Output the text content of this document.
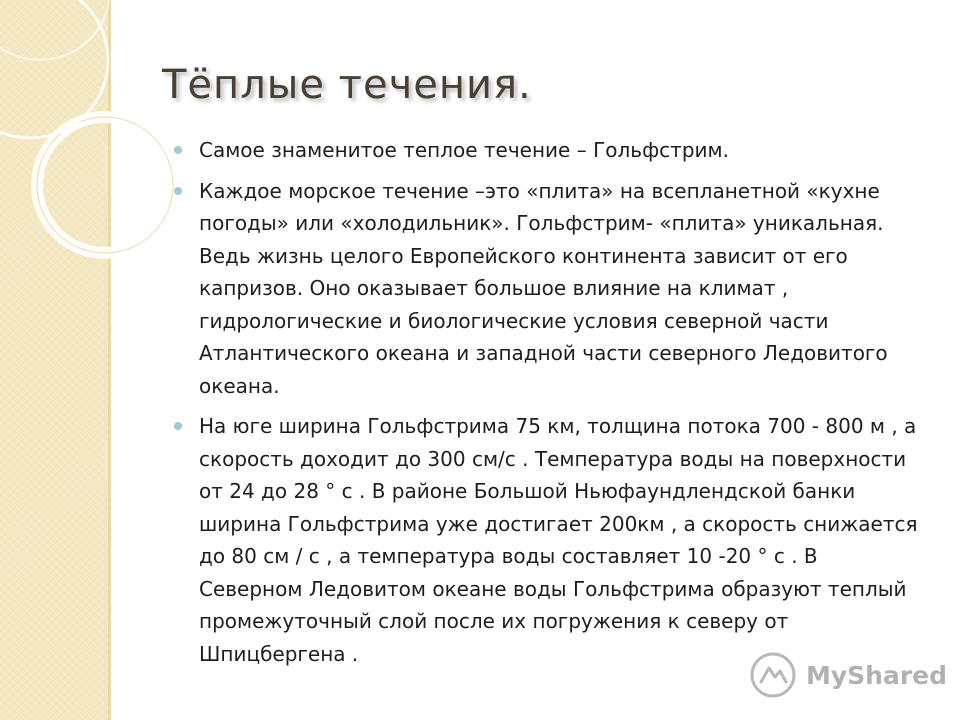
Тёплые течения.
Самое знаменитое теплое течение – Гольфстрим.
Каждое морское течение –это «плита» на всепланетной «кухне погоды» или «холодильник». Гольфстрим- «плита» уникальная. Ведь жизнь целого Европейского континента зависит от его капризов. Оно оказывает большое влияние на климат , гидрологические и биологические условия северной части Атлантического океана и западной части северного Ледовитого океана.
На юге ширина Гольфстрима 75 км, толщина потока 700 - 800 м , а скорость доходит до 300 см/с . Температура воды на поверхности от 24 до 28 ° с . В районе Большой Ньюфаундлендской банки ширина Гольфстрима уже достигает 200км , а скорость снижается до 80 см / с , а температура воды составляет 10 -20 ° с . В Северном Ледовитом океане воды Гольфстрима образуют теплый промежуточный слой после их погружения к северу от Шпицбергена .
MyShared
